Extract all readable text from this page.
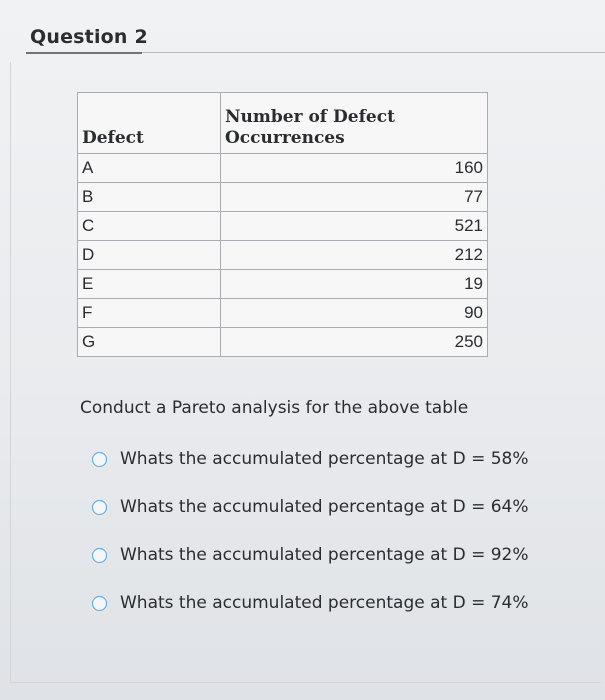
Question 2
Defect	Number of Defect Occurrences
A	160
B	77
C	521
D	212
E	19
F	90
G	250
Conduct a Pareto analysis for the above table
Whats the accumulated percentage at D = 58%
Whats the accumulated percentage at D = 64%
Whats the accumulated percentage at D = 92%
Whats the accumulated percentage at D = 74%
